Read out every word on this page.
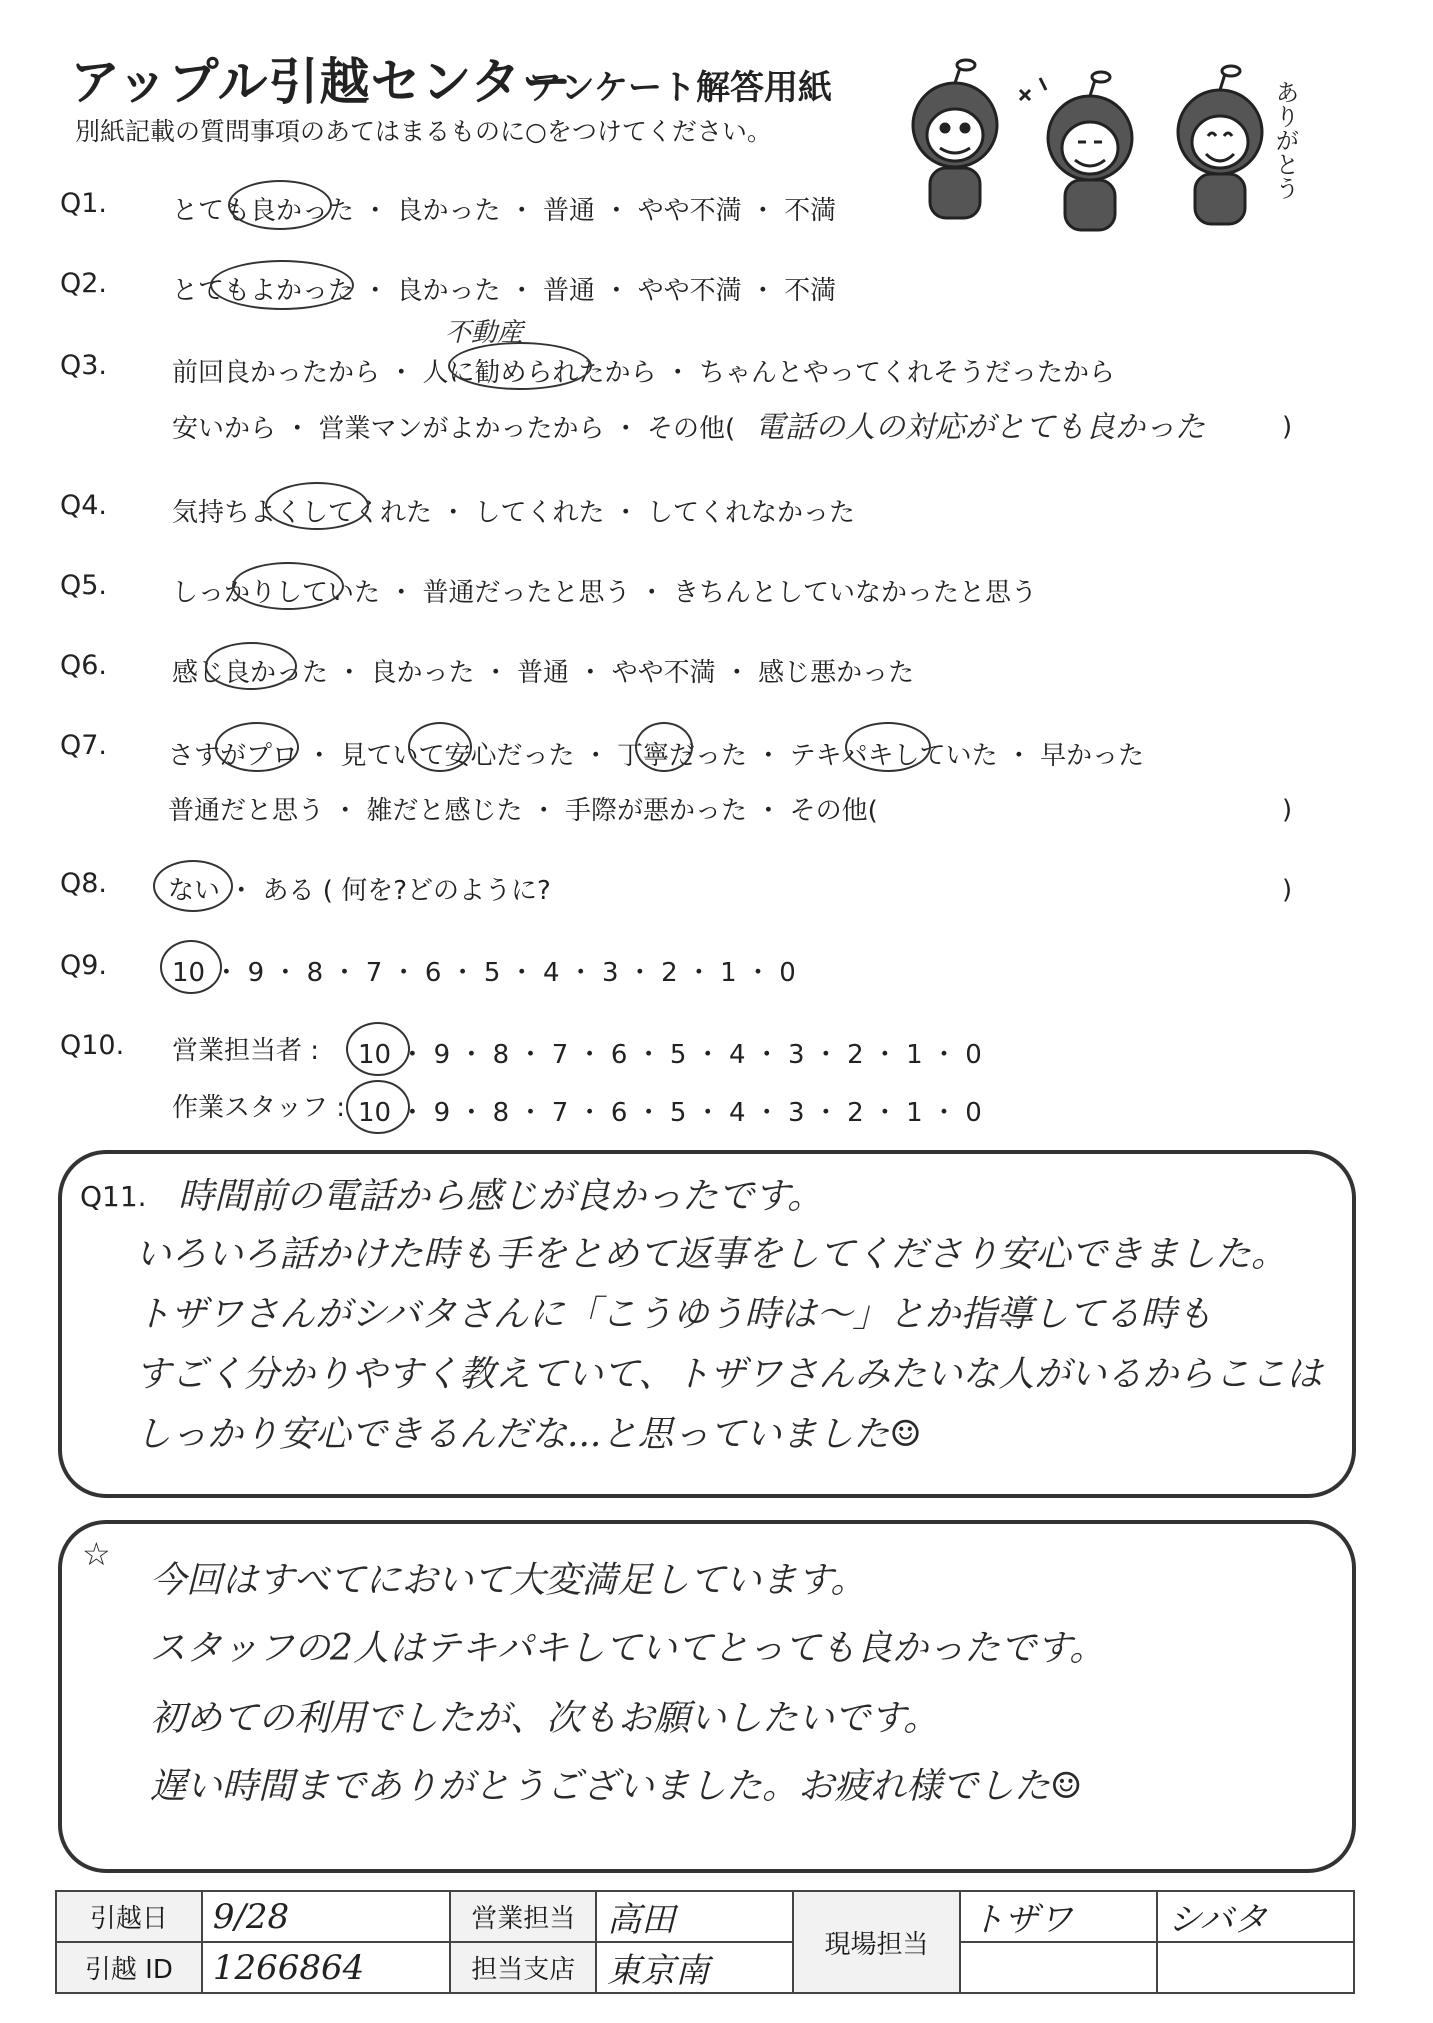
アップル引越センター
アンケート解答用紙
別紙記載の質問事項のあてはまるものに○をつけてください。	ありがとう
Q1. とても良かった ・ 良かった ・ 普通 ・ やや不満 ・ 不満
Q2. とてもよかった ・ 良かった ・ 普通 ・ やや不満 ・ 不満
Q3.
不動産
前回良かったから ・ 人に勧められたから ・ ちゃんとやってくれそうだったから
安いから ・ 営業マンがよかったから ・ その他( 電話の人の対応がとても良かった	)
Q4. 気持ちよくしてくれた ・ してくれた ・ してくれなかった
Q5. しっかりしていた ・ 普通だったと思う ・ きちんとしていなかったと思う
Q6. 感じ良かった ・ 良かった ・ 普通 ・ やや不満 ・ 感じ悪かった
Q7. さすがプロ ・ 見ていて安心だった ・ 丁寧だった ・ テキパキしていた ・ 早かった
普通だと思う ・ 雑だと感じた ・ 手際が悪かった ・ その他(	)
Q8. ない ・ ある ( 何を?どのように?	)
Q9. 10 ・ 9 ・ 8 ・ 7 ・ 6 ・ 5 ・ 4 ・ 3 ・ 2 ・ 1 ・ 0
Q10. 営業担当者 : 10 ・ 9 ・ 8 ・ 7 ・ 6 ・ 5 ・ 4 ・ 3 ・ 2 ・ 1 ・ 0
作業スタッフ : 10 ・ 9 ・ 8 ・ 7 ・ 6 ・ 5 ・ 4 ・ 3 ・ 2 ・ 1 ・ 0
Q11. 時間前の電話から感じが良かったです。
いろいろ話かけた時も手をとめて返事をしてくださり安心できました。
トザワさんがシバタさんに「こうゆう時は〜」とか指導してる時も
すごく分かりやすく教えていて、トザワさんみたいな人がいるからここは
しっかり安心できるんだな...と思っていました☺
☆
今回はすべてにおいて大変満足しています。
スタッフの2人はテキパキしていてとっても良かったです。
初めての利用でしたが、次もお願いしたいです。
遅い時間までありがとうございました。お疲れ様でした☺
引越日	9/28	営業担当	高田	現場担当	トザワ	シバタ
引越 ID	1266864	担当支店	東京南			
